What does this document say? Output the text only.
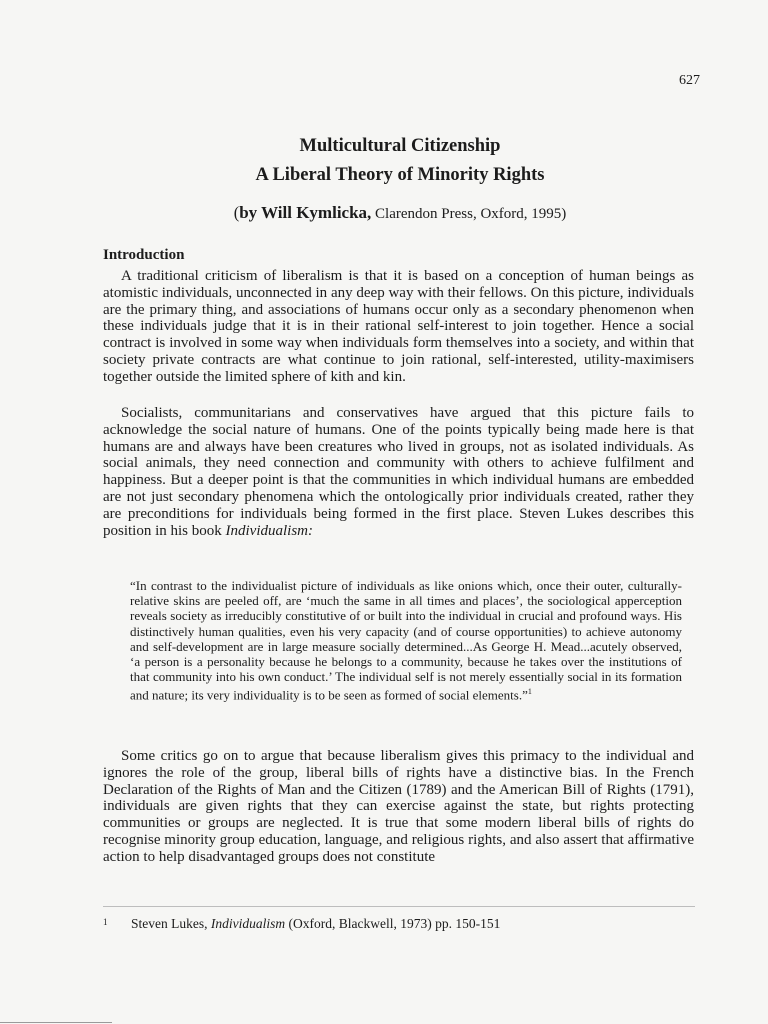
627
Multicultural Citizenship
A Liberal Theory of Minority Rights
(by Will Kymlicka, Clarendon Press, Oxford, 1995)
Introduction

A traditional criticism of liberalism is that it is based on a conception of human beings as atomistic individuals, unconnected in any deep way with their fellows. On this picture, individuals are the primary thing, and associations of humans occur only as a secondary phenomenon when these individuals judge that it is in their rational self-interest to join together. Hence a social contract is involved in some way when individuals form themselves into a society, and within that society private contracts are what continue to join rational, self-interested, utility-maximisers together outside the limited sphere of kith and kin.

Socialists, communitarians and conservatives have argued that this picture fails to acknowledge the social nature of humans. One of the points typically being made here is that humans are and always have been creatures who lived in groups, not as isolated individuals. As social animals, they need connection and community with others to achieve fulfilment and happiness. But a deeper point is that the communities in which individual humans are embedded are not just secondary phenomena which the ontologically prior individuals created, rather they are preconditions for individuals being formed in the first place. Steven Lukes describes this position in his book Individualism:

“In contrast to the individualist picture of individuals as like onions which, once their outer, culturally-relative skins are peeled off, are ‘much the same in all times and places’, the sociological apperception reveals society as irreducibly constitutive of or built into the individual in crucial and profound ways. His distinctively human qualities, even his very capacity (and of course opportunities) to achieve autonomy and self-development are in large measure socially determined...As George H. Mead...acutely observed, ‘a person is a personality because he belongs to a community, because he takes over the institutions of that community into his own conduct.’ The individual self is not merely essentially social in its formation and nature; its very individuality is to be seen as formed of social elements.”$^1$

Some critics go on to argue that because liberalism gives this primacy to the individual and ignores the role of the group, liberal bills of rights have a distinctive bias. In the French Declaration of the Rights of Man and the Citizen (1789) and the American Bill of Rights (1791), individuals are given rights that they can exercise against the state, but rights protecting communities or groups are neglected. It is true that some modern liberal bills of rights do recognise minority group education, language, and religious rights, and also assert that affirmative action to help disadvantaged groups does not constitute

1 Steven Lukes, Individualism (Oxford, Blackwell, 1973) pp. 150-151
